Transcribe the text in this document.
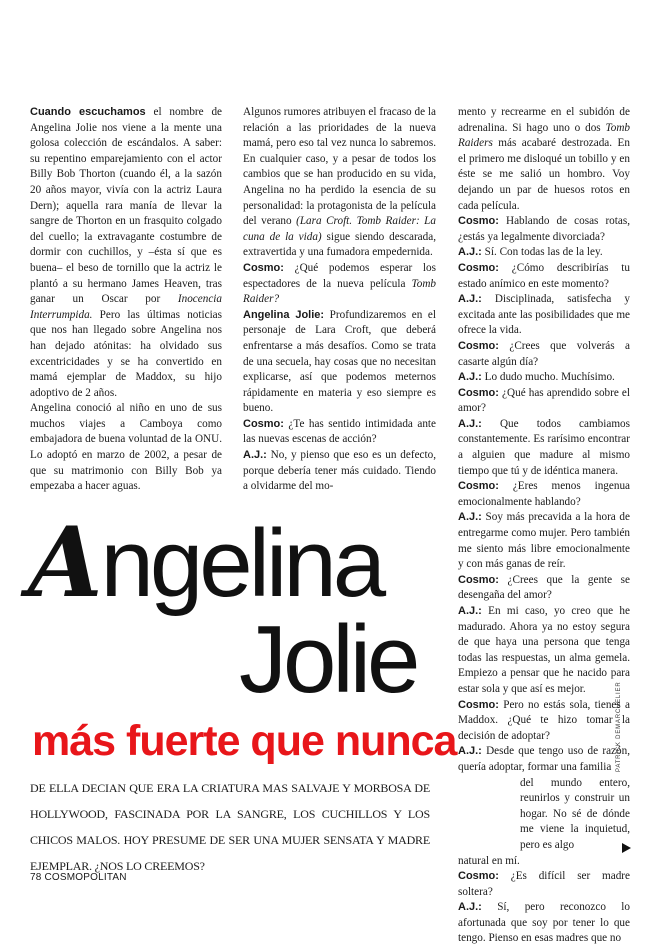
Cuando escuchamos el nombre de Angelina Jolie nos viene a la mente una golosa colección de escándalos. A saber: su repentino emparejamiento con el actor Billy Bob Thorton (cuando él, a la sazón 20 años mayor, vivía con la actriz Laura Dern); aquella rara manía de llevar la sangre de Thorton en un frasquito colgado del cuello; la extravagante costumbre de dormir con cuchillos, y –ésta sí que es buena– el beso de tornillo que la actriz le plantó a su hermano James Heaven, tras ganar un Oscar por Inocencia Interrumpida. Pero las últimas noticias que nos han llegado sobre Angelina nos han dejado atónitas: ha olvidado sus excentricidades y se ha convertido en mamá ejemplar de Maddox, su hijo adoptivo de 2 años.

Angelina conoció al niño en uno de sus muchos viajes a Camboya como embajadora de buena voluntad de la ONU. Lo adoptó en marzo de 2002, a pesar de que su matrimonio con Billy Bob ya empezaba a hacer aguas.

Algunos rumores atribuyen el fracaso de la relación a las prioridades de la nueva mamá, pero eso tal vez nunca lo sabremos. En cualquier caso, y a pesar de todos los cambios que se han producido en su vida, Angelina no ha perdido la esencia de su personalidad: la protagonista de la película del verano (Lara Croft. Tomb Raider: La cuna de la vida) sigue siendo descarada, extravertida y una fumadora empedernida.

Cosmo: ¿Qué podemos esperar los espectadores de la nueva película Tomb Raider?

Angelina Jolie: Profundizaremos en el personaje de Lara Croft, que deberá enfrentarse a más desafíos. Como se trata de una secuela, hay cosas que no necesitan explicarse, así que podemos meternos rápidamente en materia y eso siempre es bueno.

Cosmo: ¿Te has sentido intimidada ante las nuevas escenas de acción?

A.J.: No, y pienso que eso es un defecto, porque debería tener más cuidado. Tiendo a olvidarme del mo-

mento y recrearme en el subidón de adrenalina. Si hago uno o dos Tomb Raiders más acabaré destrozada. En el primero me disloqué un tobillo y en éste se me salió un hombro. Voy dejando un par de huesos rotos en cada película.

Cosmo: Hablando de cosas rotas, ¿estás ya legalmente divorciada?

A.J.: Sí. Con todas las de la ley.

Cosmo: ¿Cómo describirías tu estado anímico en este momento?

A.J.: Disciplinada, satisfecha y excitada ante las posibilidades que me ofrece la vida.

Cosmo: ¿Crees que volverás a casarte algún día?

A.J.: Lo dudo mucho. Muchísimo.

Cosmo: ¿Qué has aprendido sobre el amor?

A.J.: Que todos cambiamos constantemente. Es rarísimo encontrar a alguien que madure al mismo tiempo que tú y de idéntica manera.

Cosmo: ¿Eres menos ingenua emocionalmente hablando?

A.J.: Soy más precavida a la hora de entregarme como mujer. Pero también me siento más libre emocionalmente y con más ganas de reír.

Cosmo: ¿Crees que la gente se desengaña del amor?

A.J.: En mi caso, yo creo que he madurado. Ahora ya no estoy segura de que haya una persona que tenga todas las respuestas, un alma gemela. Empiezo a pensar que he nacido para estar sola y que así es mejor.

Cosmo: Pero no estás sola, tienes a Maddox. ¿Qué te hizo tomar la decisión de adoptar?

A.J.: Desde que tengo uso de razón, quería adoptar, formar una familia
del mundo entero, reunirlos y construir un hogar. No sé de dónde me viene la inquietud, pero es algo
natural en mí.

Cosmo: ¿Es difícil ser madre soltera?

A.J.: Sí, pero reconozco lo afortunada que soy por tener lo que tengo. Pienso en esas madres que no

Angelina
Jolie
más fuerte que nunca
DE ELLA DECIAN QUE ERA LA CRIATURA MAS SALVAJE Y MORBOSA DE HOLLYWOOD, FASCINADA POR LA SANGRE, LOS CUCHILLOS Y LOS CHICOS MALOS. HOY PRESUME DE SER UNA MUJER SENSATA Y MADRE EJEMPLAR. ¿NOS LO CREEMOS?
78 COSMOPOLITAN
PATRICK DEMARCHELIER
